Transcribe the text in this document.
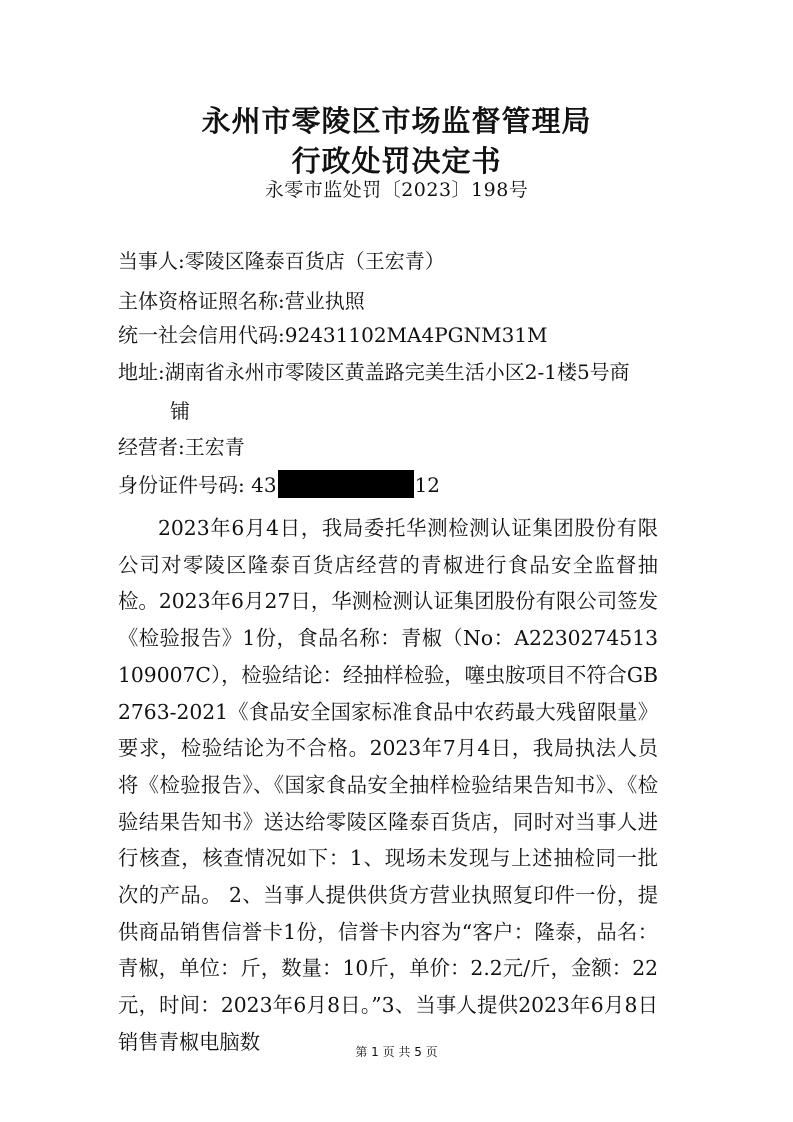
永州市零陵区市场监督管理局
行政处罚决定书
永零市监处罚〔2023〕198号
当事人:零陵区隆泰百货店（王宏青）
主体资格证照名称:营业执照
统一社会信用代码:92431102MA4PGNM31M
地址:湖南省永州市零陵区黄盖路完美生活小区2-1楼5号商
铺
经营者:王宏青
身份证件号码: 43	12

2023年6月4日，我局委托华测检测认证集团股份有限公司对零陵区隆泰百货店经营的青椒进行食品安全监督抽检。2023年6月27日，华测检测认证集团股份有限公司签发《检验报告》1份，食品名称：青椒（No：A2230274513109007C），检验结论：经抽样检验，噻虫胺项目不符合GB2763-2021《食品安全国家标准食品中农药最大残留限量》要求，检验结论为不合格。2023年7月4日，我局执法人员将《检验报告》、《国家食品安全抽样检验结果告知书》、《检验结果告知书》送达给零陵区隆泰百货店，同时对当事人进行核查，核查情况如下：1、现场未发现与上述抽检同一批次的产品。 2、当事人提供供货方营业执照复印件一份，提供商品销售信誉卡1份，信誉卡内容为“客户：隆泰，品名：青椒，单位：斤，数量：10斤，单价：2.2元/斤，金额：22元，时间：2023年6月8日。”3、当事人提供2023年6月8日销售青椒电脑数	第 1 页 共 5 页
